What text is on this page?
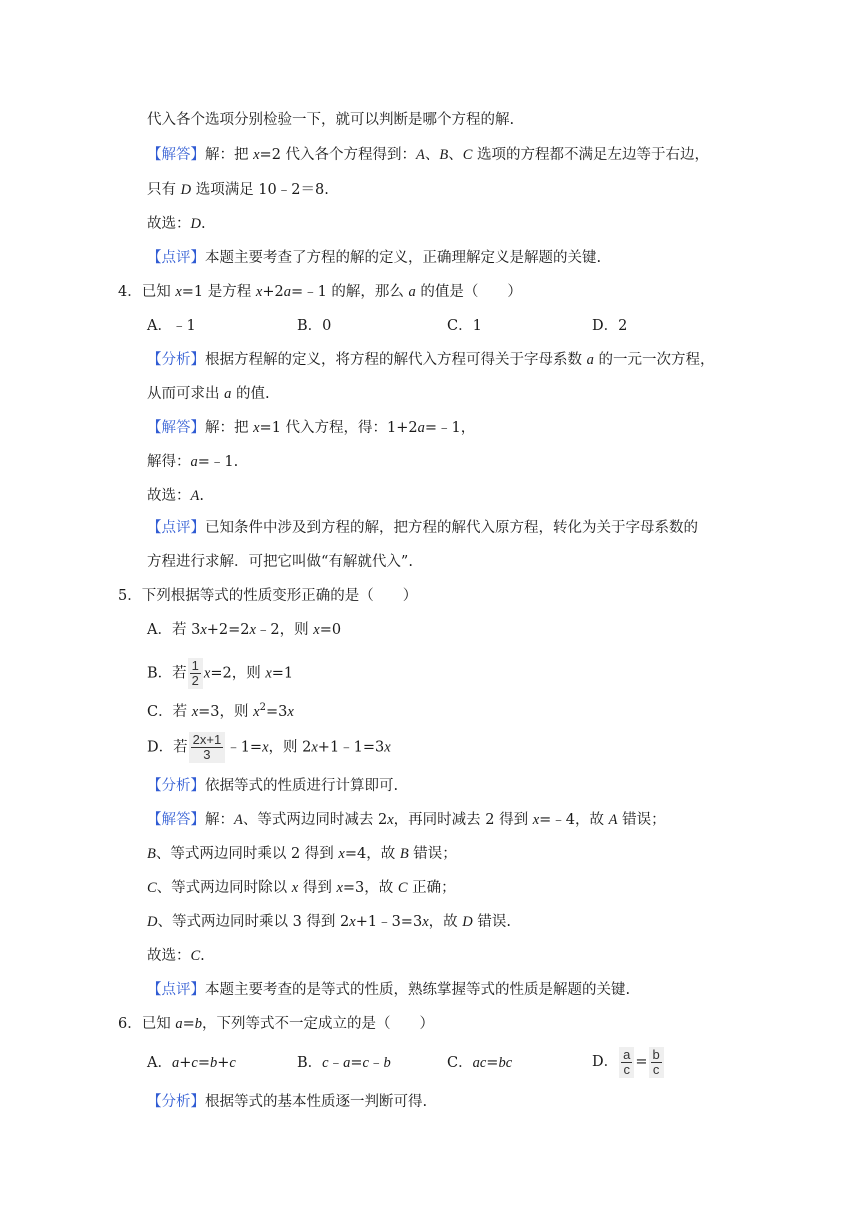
代入各个选项分别检验一下，就可以判断是哪个方程的解.
【解答】解：把 x=2 代入各个方程得到：A、B、C 选项的方程都不满足左边等于右边，
只有 D 选项满足 10﹣2＝8.
故选：D.
【点评】本题主要考查了方程的解的定义，正确理解定义是解题的关键.
4．已知 x=1 是方程 x+2a=﹣1 的解，那么 a 的值是（　　）
A．﹣1	B．0	C．1	D．2
【分析】根据方程解的定义，将方程的解代入方程可得关于字母系数 a 的一元一次方程，
从而可求出 a 的值.
【解答】解：把 x=1 代入方程，得：1+2a=﹣1，
解得：a=﹣1.
故选：A.
【点评】已知条件中涉及到方程的解，把方程的解代入原方程，转化为关于字母系数的
方程进行求解．可把它叫做“有解就代入”.
5．下列根据等式的性质变形正确的是（　　）
A．若 3x+2=2x﹣2，则 x=0
B．若 $\frac{1}{2} x=2$，则 x=1
C．若 x=3，则 $x^2=3x$
D．若 $\frac{2x+1}{3}$ ﹣1=x，则 2x+1﹣1=3x
【分析】依据等式的性质进行计算即可.
【解答】解：A、等式两边同时减去 2x，再同时减去 2 得到 x=﹣4，故 A 错误；
B、等式两边同时乘以 2 得到 x=4，故 B 错误；
C、等式两边同时除以 x 得到 x=3，故 C 正确；
D、等式两边同时乘以 3 得到 2x+1﹣3=3x，故 D 错误.
故选：C.
【点评】本题主要考查的是等式的性质，熟练掌握等式的性质是解题的关键.
6．已知 a=b，下列等式不一定成立的是（　　）
A．a+c=b+c	B．c﹣a=c﹣b	C．ac=bc	D． $\frac{a}{c} = \frac{b}{c}$
【分析】根据等式的基本性质逐一判断可得.
